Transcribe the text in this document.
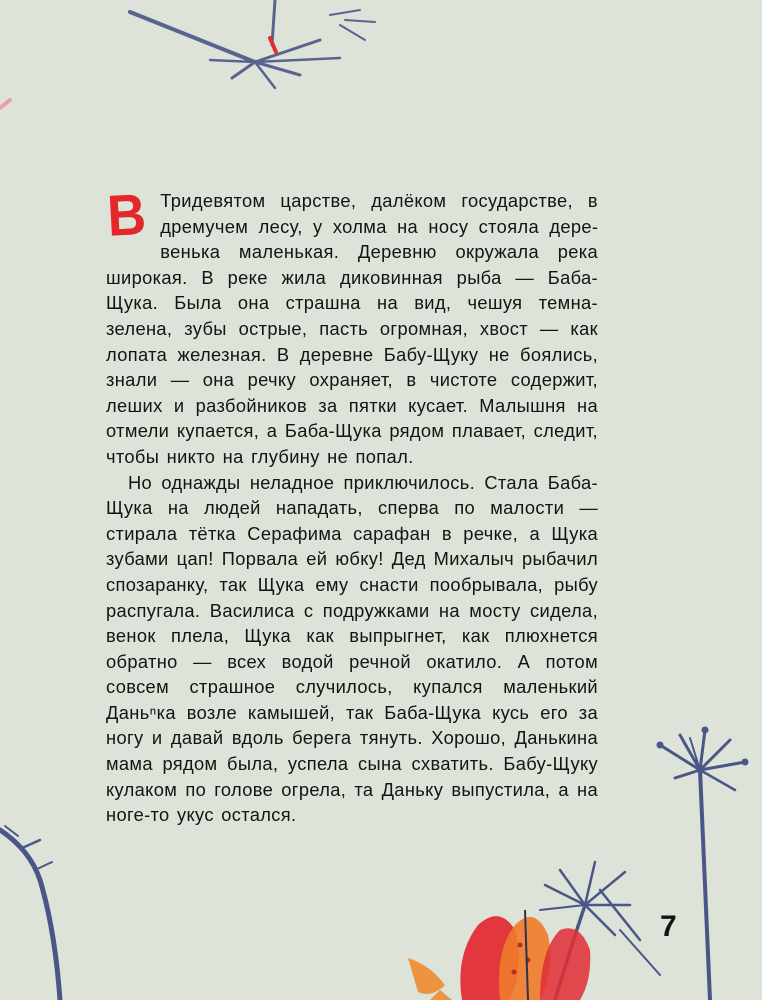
В Тридевятом царстве, далёком государстве, в дремучем лесу, у холма на носу стояла деревенька маленькая. Деревню окружала река широкая. В реке жила диковинная рыба — Баба-Щука. Была она страшна на вид, чешуя темна-зелена, зубы острые, пасть огромная, хвост — как лопата железная. В деревне Бабу-Щуку не боялись, знали — она речку охраняет, в чистоте содержит, леших и разбойников за пятки кусает. Малышня на отмели купается, а Баба-Щука рядом плавает, следит, чтобы никто на глубину не попал.

Но однажды неладное приключилось. Стала Баба-Щука на людей нападать, сперва по малости — стирала тётка Серафима сарафан в речке, а Щука зубами цап! Порвала ей юбку! Дед Михалыч рыбачил спозаранку, так Щука ему снасти пообрывала, рыбу распугала. Василиса с подружками на мосту сидела, венок плела, Щука как выпрыгнет, как плюхнется обратно — всех водой речной окатило. А потом совсем страшное случилось, купался маленький Даньⁿка возле камышей, так Баба-Щука кусь его за ногу и давай вдоль берега тянуть. Хорошо, Данькина мама рядом была, успела сына схватить. Бабу-Щуку кулаком по голове огрела, та Даньку выпустила, а на ноге-то укус остался.

7
